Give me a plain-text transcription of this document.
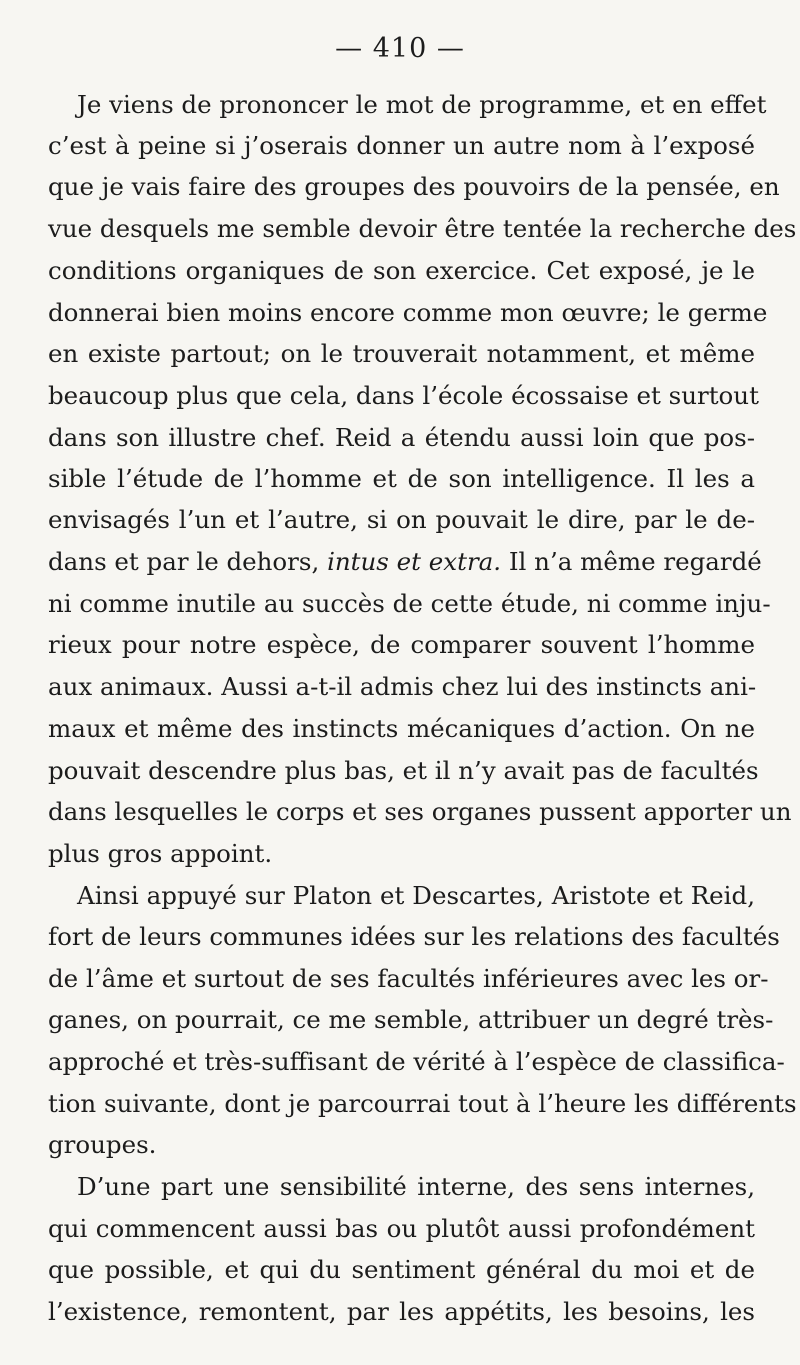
— 410 —
Je viens de prononcer le mot de programme, et en effet
c’est à peine si j’oserais donner un autre nom à l’exposé
que je vais faire des groupes des pouvoirs de la pensée, en
vue desquels me semble devoir être tentée la recherche des
conditions organiques de son exercice. Cet exposé, je le
donnerai bien moins encore comme mon œuvre; le germe
en existe partout; on le trouverait notamment, et même
beaucoup plus que cela, dans l’école écossaise et surtout
dans son illustre chef. Reid a étendu aussi loin que pos-
sible l’étude de l’homme et de son intelligence. Il les a
envisagés l’un et l’autre, si on pouvait le dire, par le de-
dans et par le dehors, intus et extra. Il n’a même regardé
ni comme inutile au succès de cette étude, ni comme inju-
rieux pour notre espèce, de comparer souvent l’homme
aux animaux. Aussi a-t-il admis chez lui des instincts ani-
maux et même des instincts mécaniques d’action. On ne
pouvait descendre plus bas, et il n’y avait pas de facultés
dans lesquelles le corps et ses organes pussent apporter un
plus gros appoint.
Ainsi appuyé sur Platon et Descartes, Aristote et Reid,
fort de leurs communes idées sur les relations des facultés
de l’âme et surtout de ses facultés inférieures avec les or-
ganes, on pourrait, ce me semble, attribuer un degré très-
approché et très-suffisant de vérité à l’espèce de classifica-
tion suivante, dont je parcourrai tout à l’heure les différents
groupes.
D’une part une sensibilité interne, des sens internes,
qui commencent aussi bas ou plutôt aussi profondément
que possible, et qui du sentiment général du moi et de
l’existence, remontent, par les appétits, les besoins, les
